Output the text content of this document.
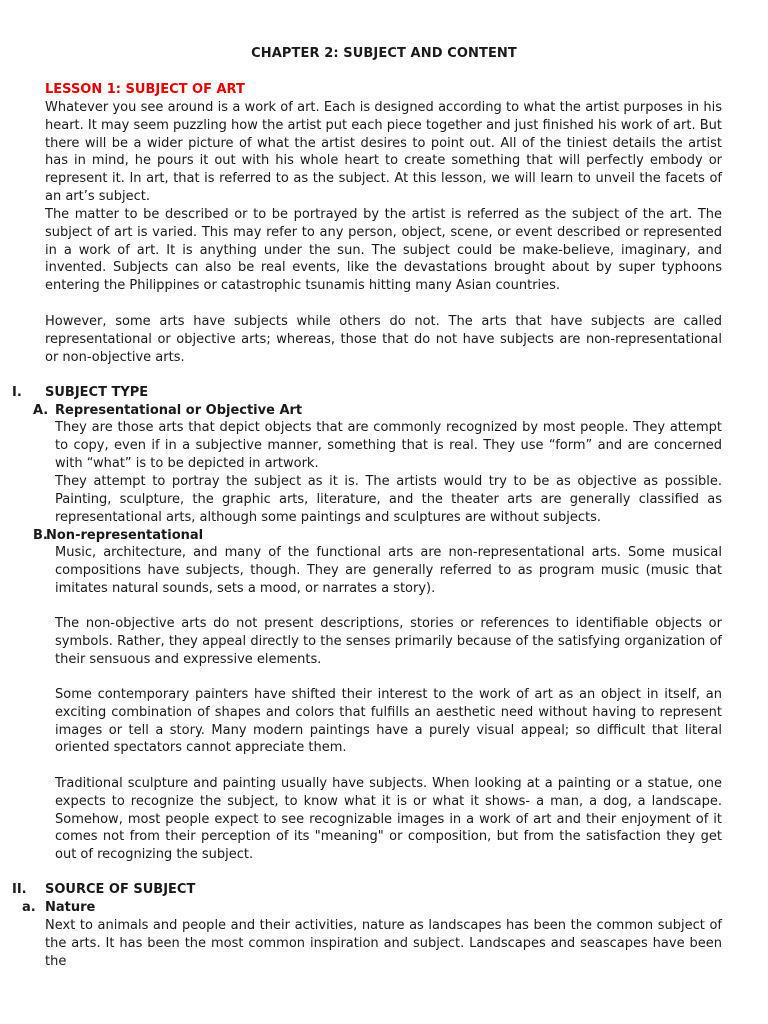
CHAPTER 2: SUBJECT AND CONTENT
LESSON 1: SUBJECT OF ART

Whatever you see around is a work of art. Each is designed according to what the artist purposes in his heart. It may seem puzzling how the artist put each piece together and just finished his work of art. But there will be a wider picture of what the artist desires to point out. All of the tiniest details the artist has in mind, he pours it out with his whole heart to create something that will perfectly embody or represent it. In art, that is referred to as the subject. At this lesson, we will learn to unveil the facets of an art’s subject.

The matter to be described or to be portrayed by the artist is referred as the subject of the art. The subject of art is varied. This may refer to any person, object, scene, or event described or represented in a work of art. It is anything under the sun. The subject could be make-believe, imaginary, and invented. Subjects can also be real events, like the devastations brought about by super typhoons entering the Philippines or catastrophic tsunamis hitting many Asian countries.

However, some arts have subjects while others do not. The arts that have subjects are called representational or objective arts; whereas, those that do not have subjects are non-representational or non-objective arts.

I. SUBJECT TYPE
A. Representational or Objective Art

They are those arts that depict objects that are commonly recognized by most people. They attempt to copy, even if in a subjective manner, something that is real. They use “form” and are concerned with “what” is to be depicted in artwork.

They attempt to portray the subject as it is. The artists would try to be as objective as possible. Painting, sculpture, the graphic arts, literature, and the theater arts are generally classified as representational arts, although some paintings and sculptures are without subjects.

B.
Non-representational

Music, architecture, and many of the functional arts are non-representational arts. Some musical compositions have subjects, though. They are generally referred to as program music (music that imitates natural sounds, sets a mood, or narrates a story).

The non-objective arts do not present descriptions, stories or references to identifiable objects or symbols. Rather, they appeal directly to the senses primarily because of the satisfying organization of their sensuous and expressive elements.

Some contemporary painters have shifted their interest to the work of art as an object in itself, an exciting combination of shapes and colors that fulfills an aesthetic need without having to represent images or tell a story. Many modern paintings have a purely visual appeal; so difficult that literal oriented spectators cannot appreciate them.

Traditional sculpture and painting usually have subjects. When looking at a painting or a statue, one expects to recognize the subject, to know what it is or what it shows- a man, a dog, a landscape. Somehow, most people expect to see recognizable images in a work of art and their enjoyment of it comes not from their perception of its "meaning" or composition, but from the satisfaction they get out of recognizing the subject.

II. SOURCE OF SUBJECT
a. Nature

Next to animals and people and their activities, nature as landscapes has been the common subject of the arts. It has been the most common inspiration and subject. Landscapes and seascapes have been the
